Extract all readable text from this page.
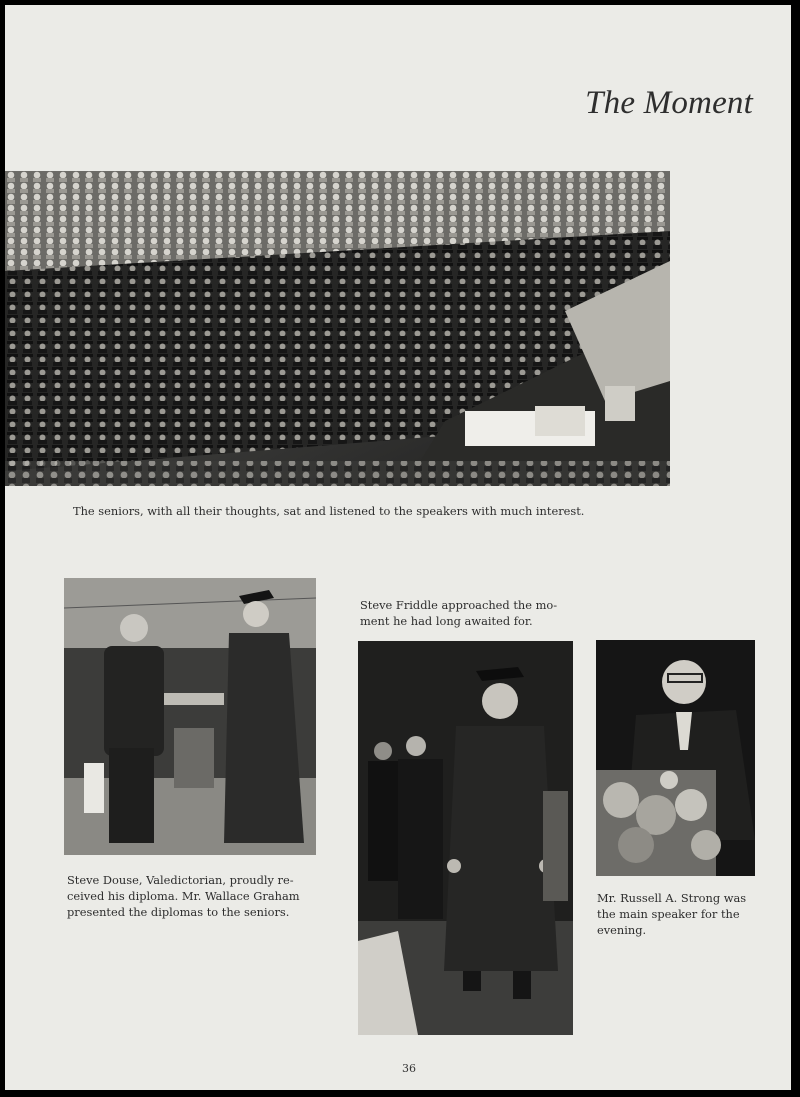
The Moment
The seniors, with all their thoughts, sat and listened to the speakers with much interest.
Steve Douse, Valedictorian, proudly re-
ceived his diploma. Mr. Wallace Graham
presented the diplomas to the seniors.
Steve Friddle approached the mo-
ment he had long awaited for.
Mr. Russell A. Strong was
the main speaker for the
evening.
36
